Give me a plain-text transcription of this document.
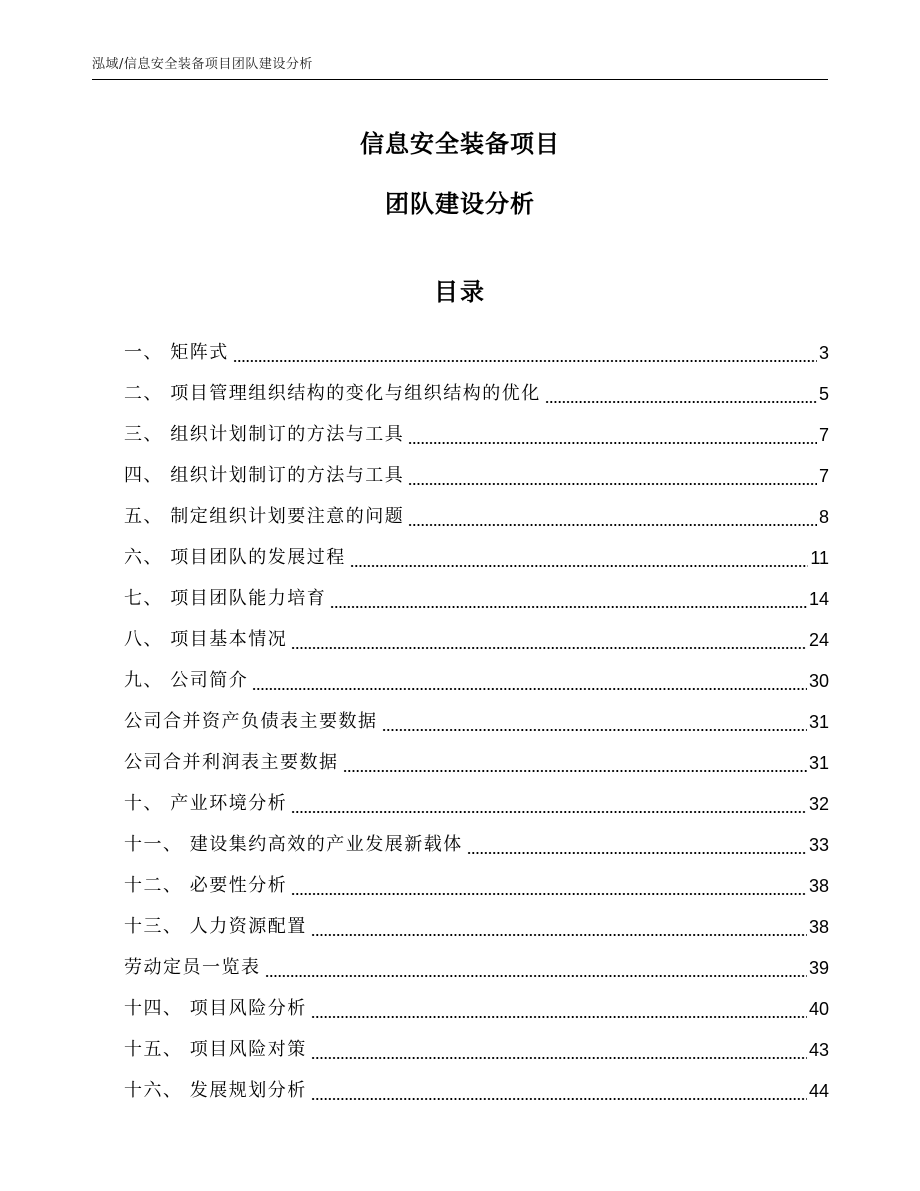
泓域/信息安全装备项目团队建设分析
信息安全装备项目
团队建设分析
目录
一、 矩阵式	3
二、 项目管理组织结构的变化与组织结构的优化	5
三、 组织计划制订的方法与工具	7
四、 组织计划制订的方法与工具	7
五、 制定组织计划要注意的问题	8
六、 项目团队的发展过程	11
七、 项目团队能力培育	14
八、 项目基本情况	24
九、 公司简介	30
公司合并资产负债表主要数据	31
公司合并利润表主要数据	31
十、 产业环境分析	32
十一、 建设集约高效的产业发展新载体	33
十二、 必要性分析	38
十三、 人力资源配置	38
劳动定员一览表	39
十四、 项目风险分析	40
十五、 项目风险对策	43
十六、 发展规划分析	44
